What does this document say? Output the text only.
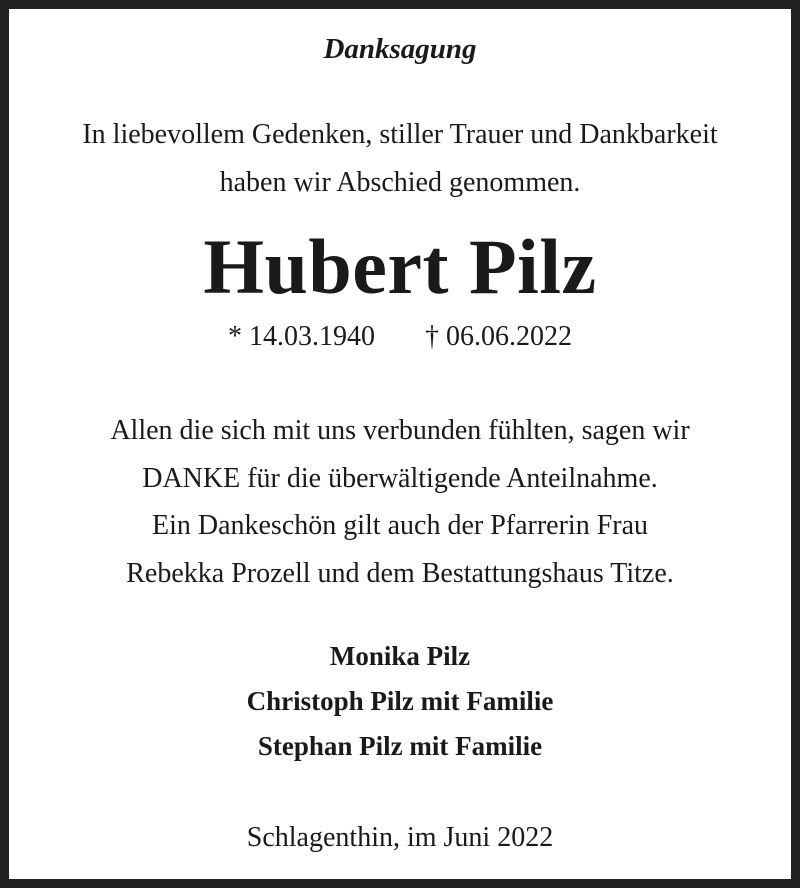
Danksagung
In liebevollem Gedenken, stiller Trauer und Dankbarkeit
haben wir Abschied genommen.
Hubert Pilz
* 14.03.1940 † 06.06.2022
Allen die sich mit uns verbunden fühlten, sagen wir
DANKE für die überwältigende Anteilnahme.
Ein Dankeschön gilt auch der Pfarrerin Frau
Rebekka Prozell und dem Bestattungshaus Titze.
Monika Pilz
Christoph Pilz mit Familie
Stephan Pilz mit Familie
Schlagenthin, im Juni 2022
